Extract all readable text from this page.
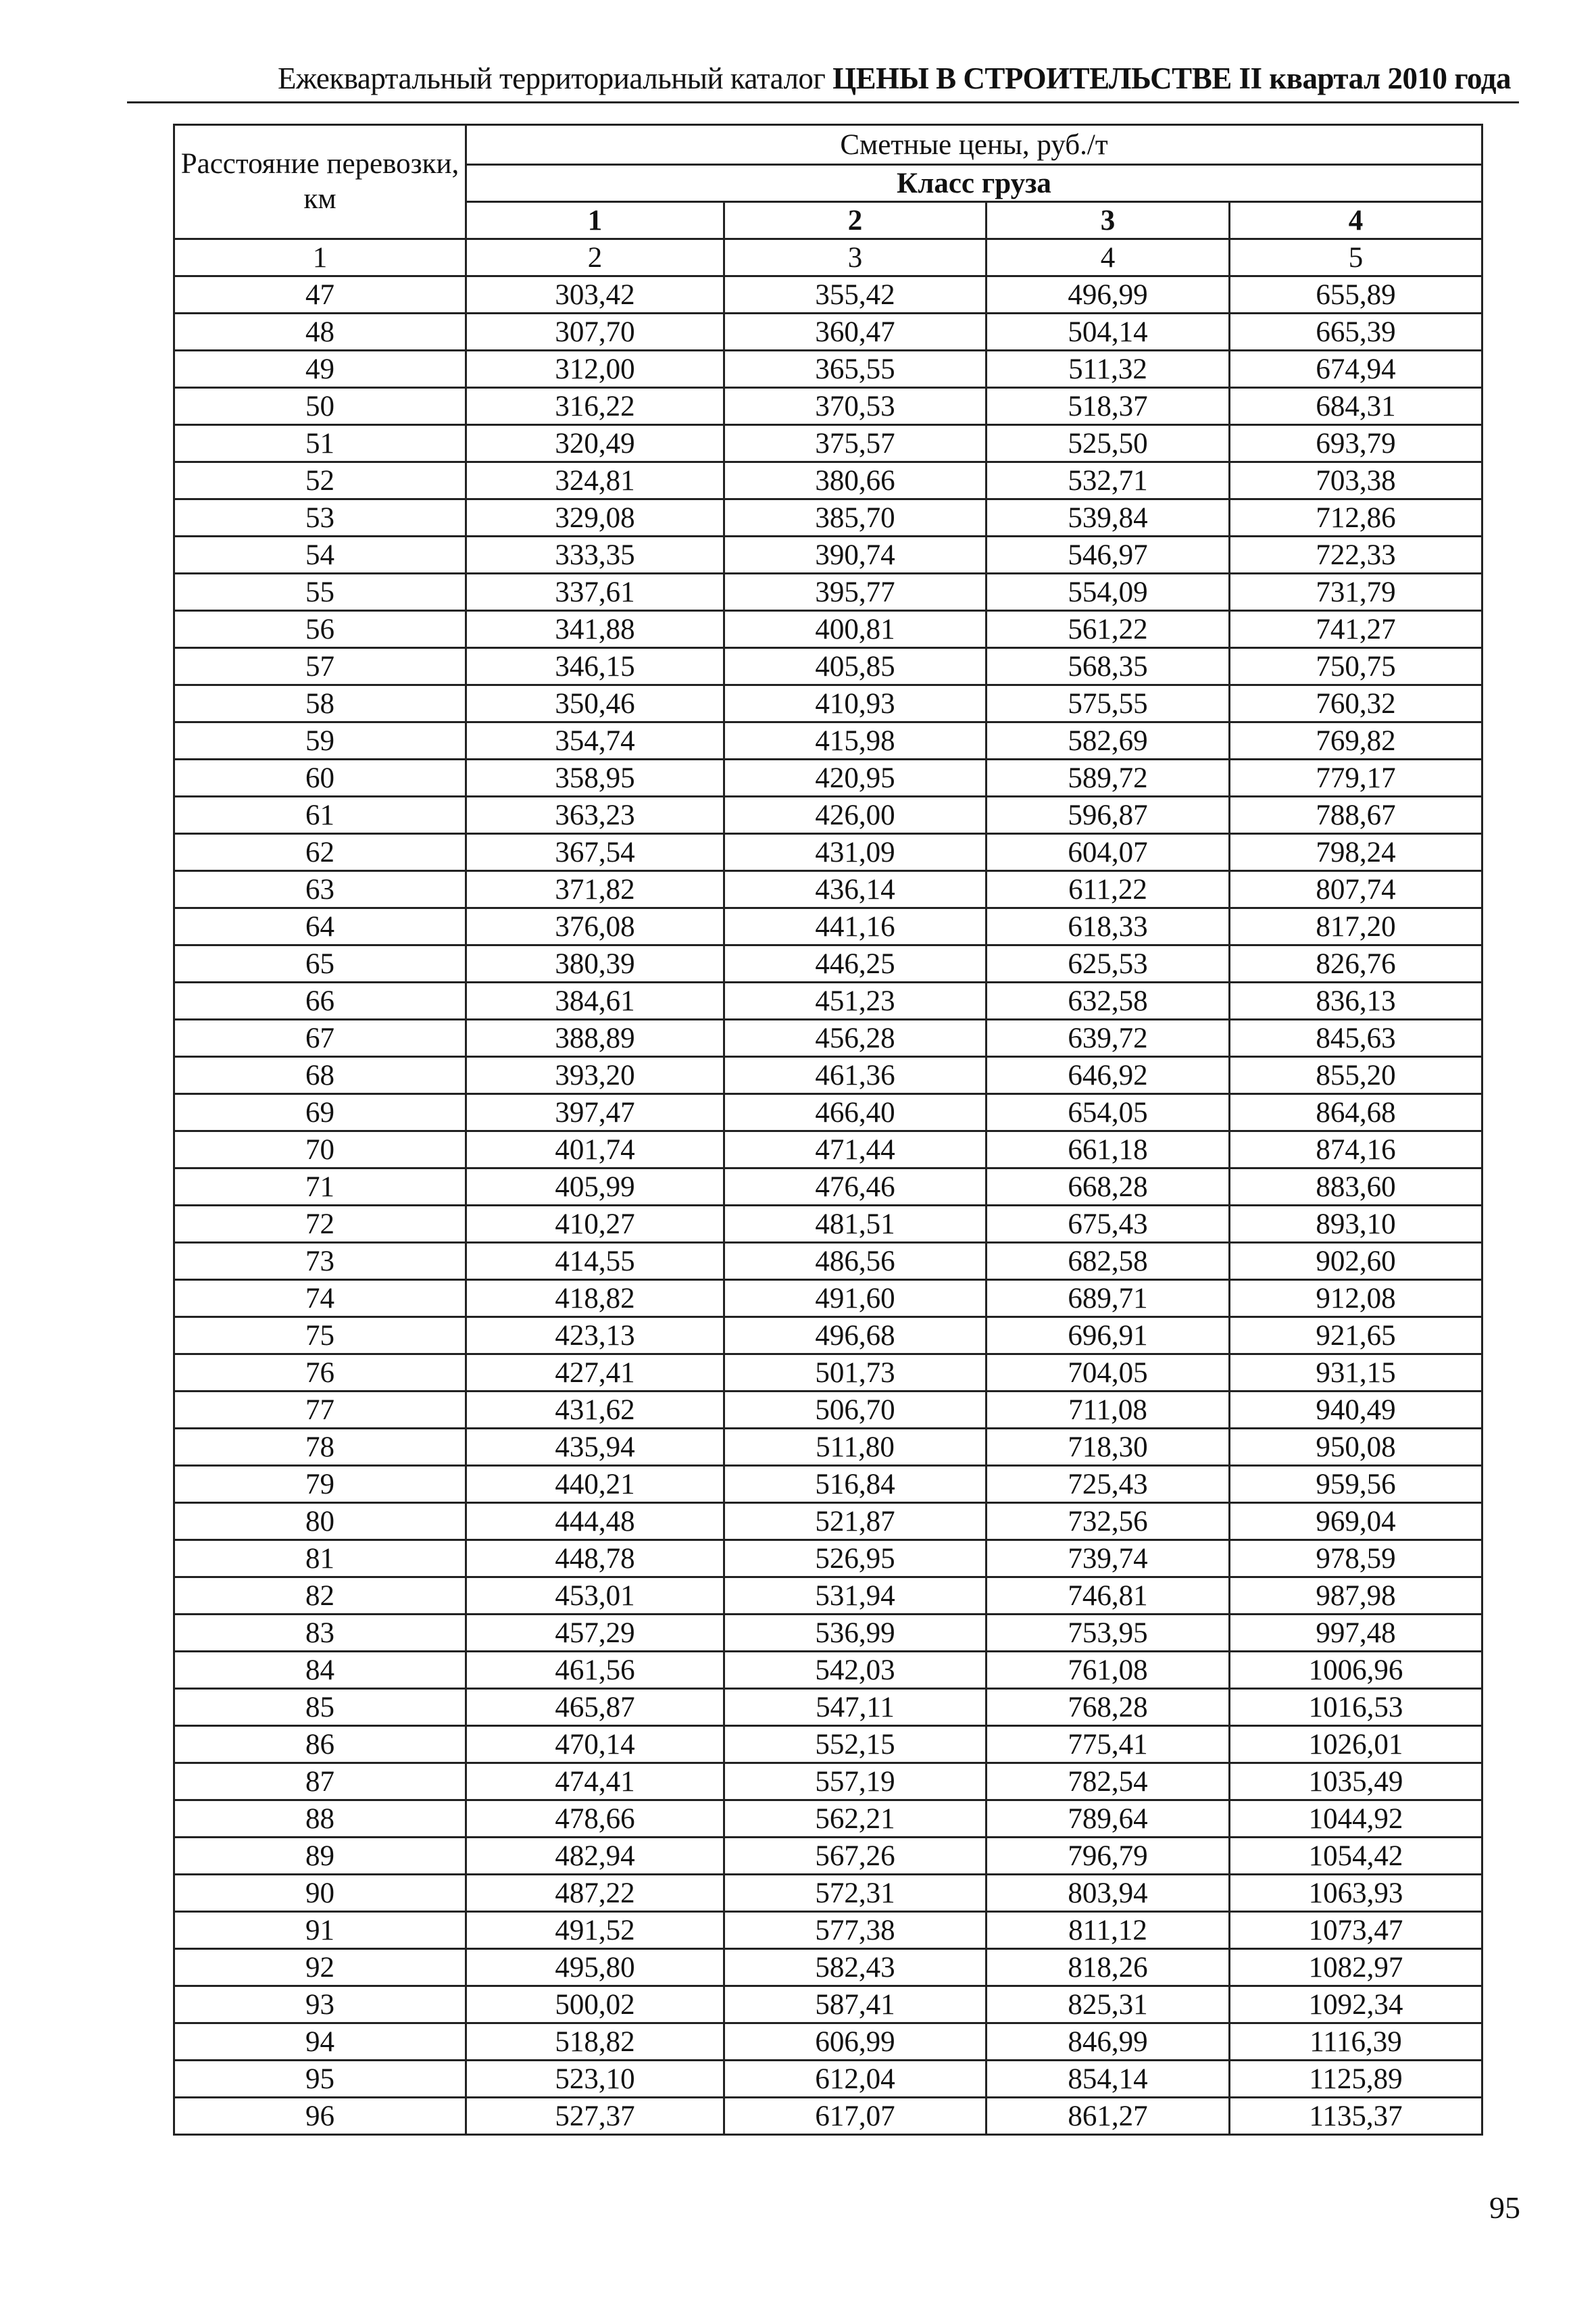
Ежеквартальный территориальный каталог ЦЕНЫ В СТРОИТЕЛЬСТВЕ II квартал 2010 года
Расстояние перевозки, км	Сметные цены, руб./т			
	Класс груза			
	1	2	3	4
1	2	3	4	5
47	303,42	355,42	496,99	655,89
48	307,70	360,47	504,14	665,39
49	312,00	365,55	511,32	674,94
50	316,22	370,53	518,37	684,31
51	320,49	375,57	525,50	693,79
52	324,81	380,66	532,71	703,38
53	329,08	385,70	539,84	712,86
54	333,35	390,74	546,97	722,33
55	337,61	395,77	554,09	731,79
56	341,88	400,81	561,22	741,27
57	346,15	405,85	568,35	750,75
58	350,46	410,93	575,55	760,32
59	354,74	415,98	582,69	769,82
60	358,95	420,95	589,72	779,17
61	363,23	426,00	596,87	788,67
62	367,54	431,09	604,07	798,24
63	371,82	436,14	611,22	807,74
64	376,08	441,16	618,33	817,20
65	380,39	446,25	625,53	826,76
66	384,61	451,23	632,58	836,13
67	388,89	456,28	639,72	845,63
68	393,20	461,36	646,92	855,20
69	397,47	466,40	654,05	864,68
70	401,74	471,44	661,18	874,16
71	405,99	476,46	668,28	883,60
72	410,27	481,51	675,43	893,10
73	414,55	486,56	682,58	902,60
74	418,82	491,60	689,71	912,08
75	423,13	496,68	696,91	921,65
76	427,41	501,73	704,05	931,15
77	431,62	506,70	711,08	940,49
78	435,94	511,80	718,30	950,08
79	440,21	516,84	725,43	959,56
80	444,48	521,87	732,56	969,04
81	448,78	526,95	739,74	978,59
82	453,01	531,94	746,81	987,98
83	457,29	536,99	753,95	997,48
84	461,56	542,03	761,08	1006,96
85	465,87	547,11	768,28	1016,53
86	470,14	552,15	775,41	1026,01
87	474,41	557,19	782,54	1035,49
88	478,66	562,21	789,64	1044,92
89	482,94	567,26	796,79	1054,42
90	487,22	572,31	803,94	1063,93
91	491,52	577,38	811,12	1073,47
92	495,80	582,43	818,26	1082,97
93	500,02	587,41	825,31	1092,34
94	518,82	606,99	846,99	1116,39
95	523,10	612,04	854,14	1125,89
96	527,37	617,07	861,27	1135,37
95
